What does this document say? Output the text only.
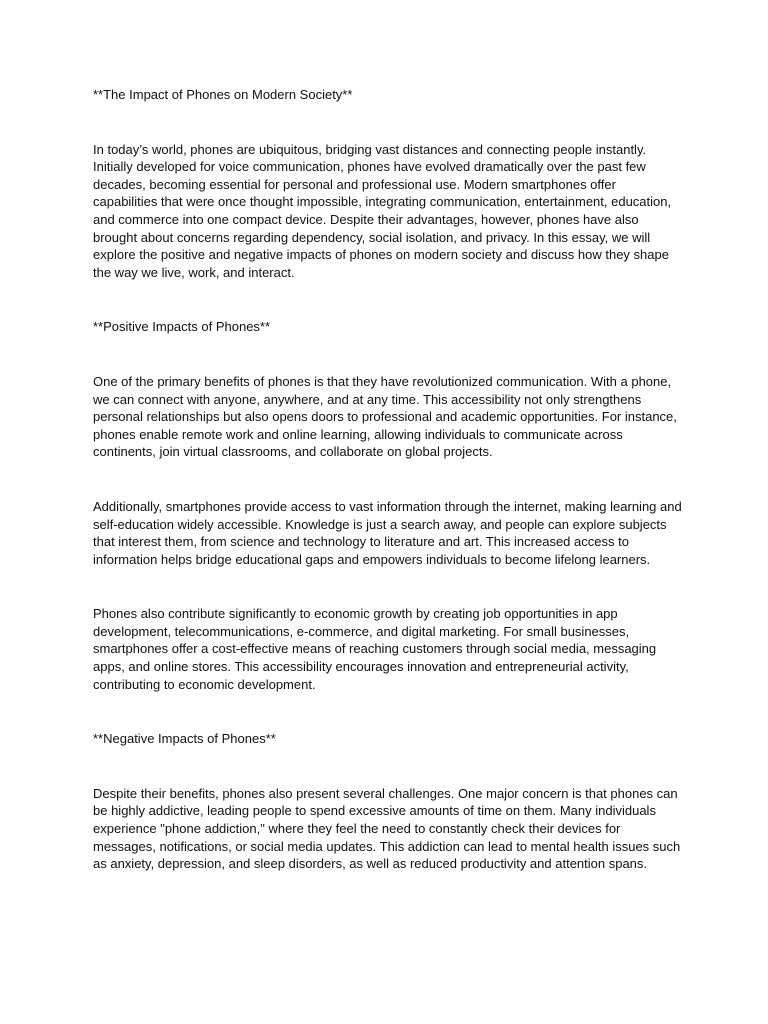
**The Impact of Phones on Modern Society**

In today’s world, phones are ubiquitous, bridging vast distances and connecting people instantly. Initially developed for voice communication, phones have evolved dramatically over the past few decades, becoming essential for personal and professional use. Modern smartphones offer capabilities that were once thought impossible, integrating communication, entertainment, education, and commerce into one compact device. Despite their advantages, however, phones have also brought about concerns regarding dependency, social isolation, and privacy. In this essay, we will explore the positive and negative impacts of phones on modern society and discuss how they shape the way we live, work, and interact.

**Positive Impacts of Phones**

One of the primary benefits of phones is that they have revolutionized communication. With a phone, we can connect with anyone, anywhere, and at any time. This accessibility not only strengthens personal relationships but also opens doors to professional and academic opportunities. For instance, phones enable remote work and online learning, allowing individuals to communicate across continents, join virtual classrooms, and collaborate on global projects.

Additionally, smartphones provide access to vast information through the internet, making learning and self-education widely accessible. Knowledge is just a search away, and people can explore subjects that interest them, from science and technology to literature and art. This increased access to information helps bridge educational gaps and empowers individuals to become lifelong learners.

Phones also contribute significantly to economic growth by creating job opportunities in app development, telecommunications, e-commerce, and digital marketing. For small businesses, smartphones offer a cost-effective means of reaching customers through social media, messaging apps, and online stores. This accessibility encourages innovation and entrepreneurial activity, contributing to economic development.

**Negative Impacts of Phones**

Despite their benefits, phones also present several challenges. One major concern is that phones can be highly addictive, leading people to spend excessive amounts of time on them. Many individuals experience "phone addiction," where they feel the need to constantly check their devices for messages, notifications, or social media updates. This addiction can lead to mental health issues such as anxiety, depression, and sleep disorders, as well as reduced productivity and attention spans.
